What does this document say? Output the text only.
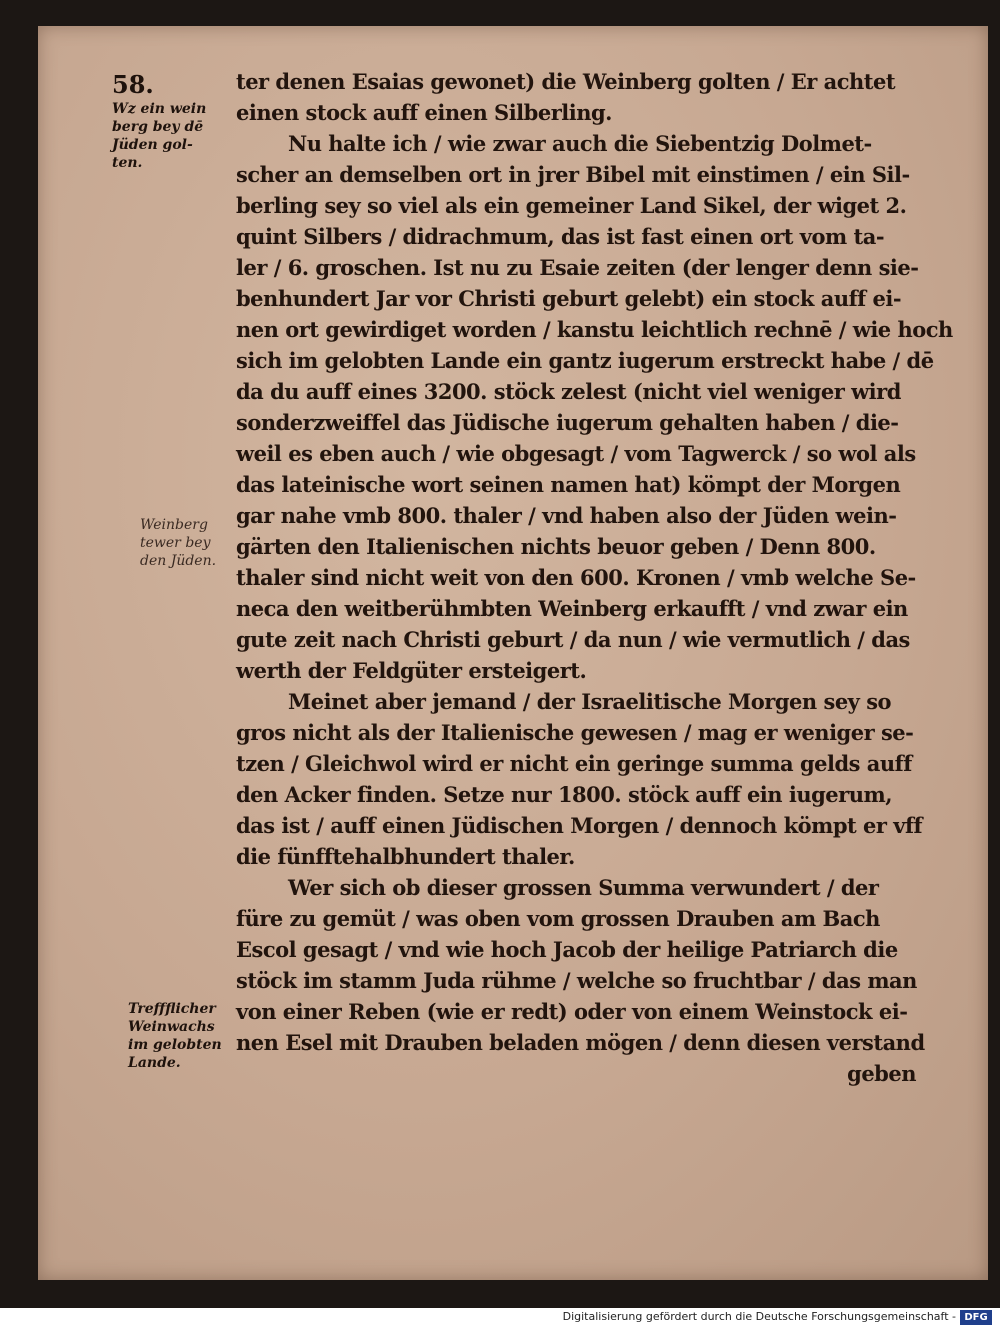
58.

Wz ein wein

berg bey dē

Jüden gol-

ten.

Weinberg

tewer bey

den Jüden.

Treffflicher

Weinwachs

im gelobten

Lande.

ter denen Esaias gewonet) die Weinberg golten / Er achtet

einen stock auff einen Silberling.

Nu halte ich / wie zwar auch die Siebentzig Dolmet-

scher an demselben ort in jrer Bibel mit einstimen / ein Sil-

berling sey so viel als ein gemeiner Land Sikel, der wiget 2.

quint Silbers / didrachmum, das ist fast einen ort vom ta-

ler / 6. groschen. Ist nu zu Esaie zeiten (der lenger denn sie-

benhundert Jar vor Christi geburt gelebt) ein stock auff ei-

nen ort gewirdiget worden / kanstu leichtlich rechnē / wie hoch

sich im gelobten Lande ein gantz iugerum erstreckt habe / dē

da du auff eines 3200. stöck zelest (nicht viel weniger wird

sonderzweiffel das Jüdische iugerum gehalten haben / die-

weil es eben auch / wie obgesagt / vom Tagwerck / so wol als

das lateinische wort seinen namen hat) kömpt der Morgen

gar nahe vmb 800. thaler / vnd haben also der Jüden wein-

gärten den Italienischen nichts beuor geben / Denn 800.

thaler sind nicht weit von den 600. Kronen / vmb welche Se-

neca den weitberühmbten Weinberg erkaufft / vnd zwar ein

gute zeit nach Christi geburt / da nun / wie vermutlich / das

werth der Feldgüter ersteigert.

Meinet aber jemand / der Israelitische Morgen sey so

gros nicht als der Italienische gewesen / mag er weniger se-

tzen / Gleichwol wird er nicht ein geringe summa gelds auff

den Acker finden. Setze nur 1800. stöck auff ein iugerum,

das ist / auff einen Jüdischen Morgen / dennoch kömpt er vff

die fünfftehalbhundert thaler.

Wer sich ob dieser grossen Summa verwundert / der

füre zu gemüt / was oben vom grossen Drauben am Bach

Escol gesagt / vnd wie hoch Jacob der heilige Patriarch die

stöck im stamm Juda rühme / welche so fruchtbar / das man

von einer Reben (wie er redt) oder von einem Weinstock ei-

nen Esel mit Drauben beladen mögen / denn diesen verstand

geben

Digitalisierung gefördert durch die Deutsche Forschungsgemeinschaft - DFG
